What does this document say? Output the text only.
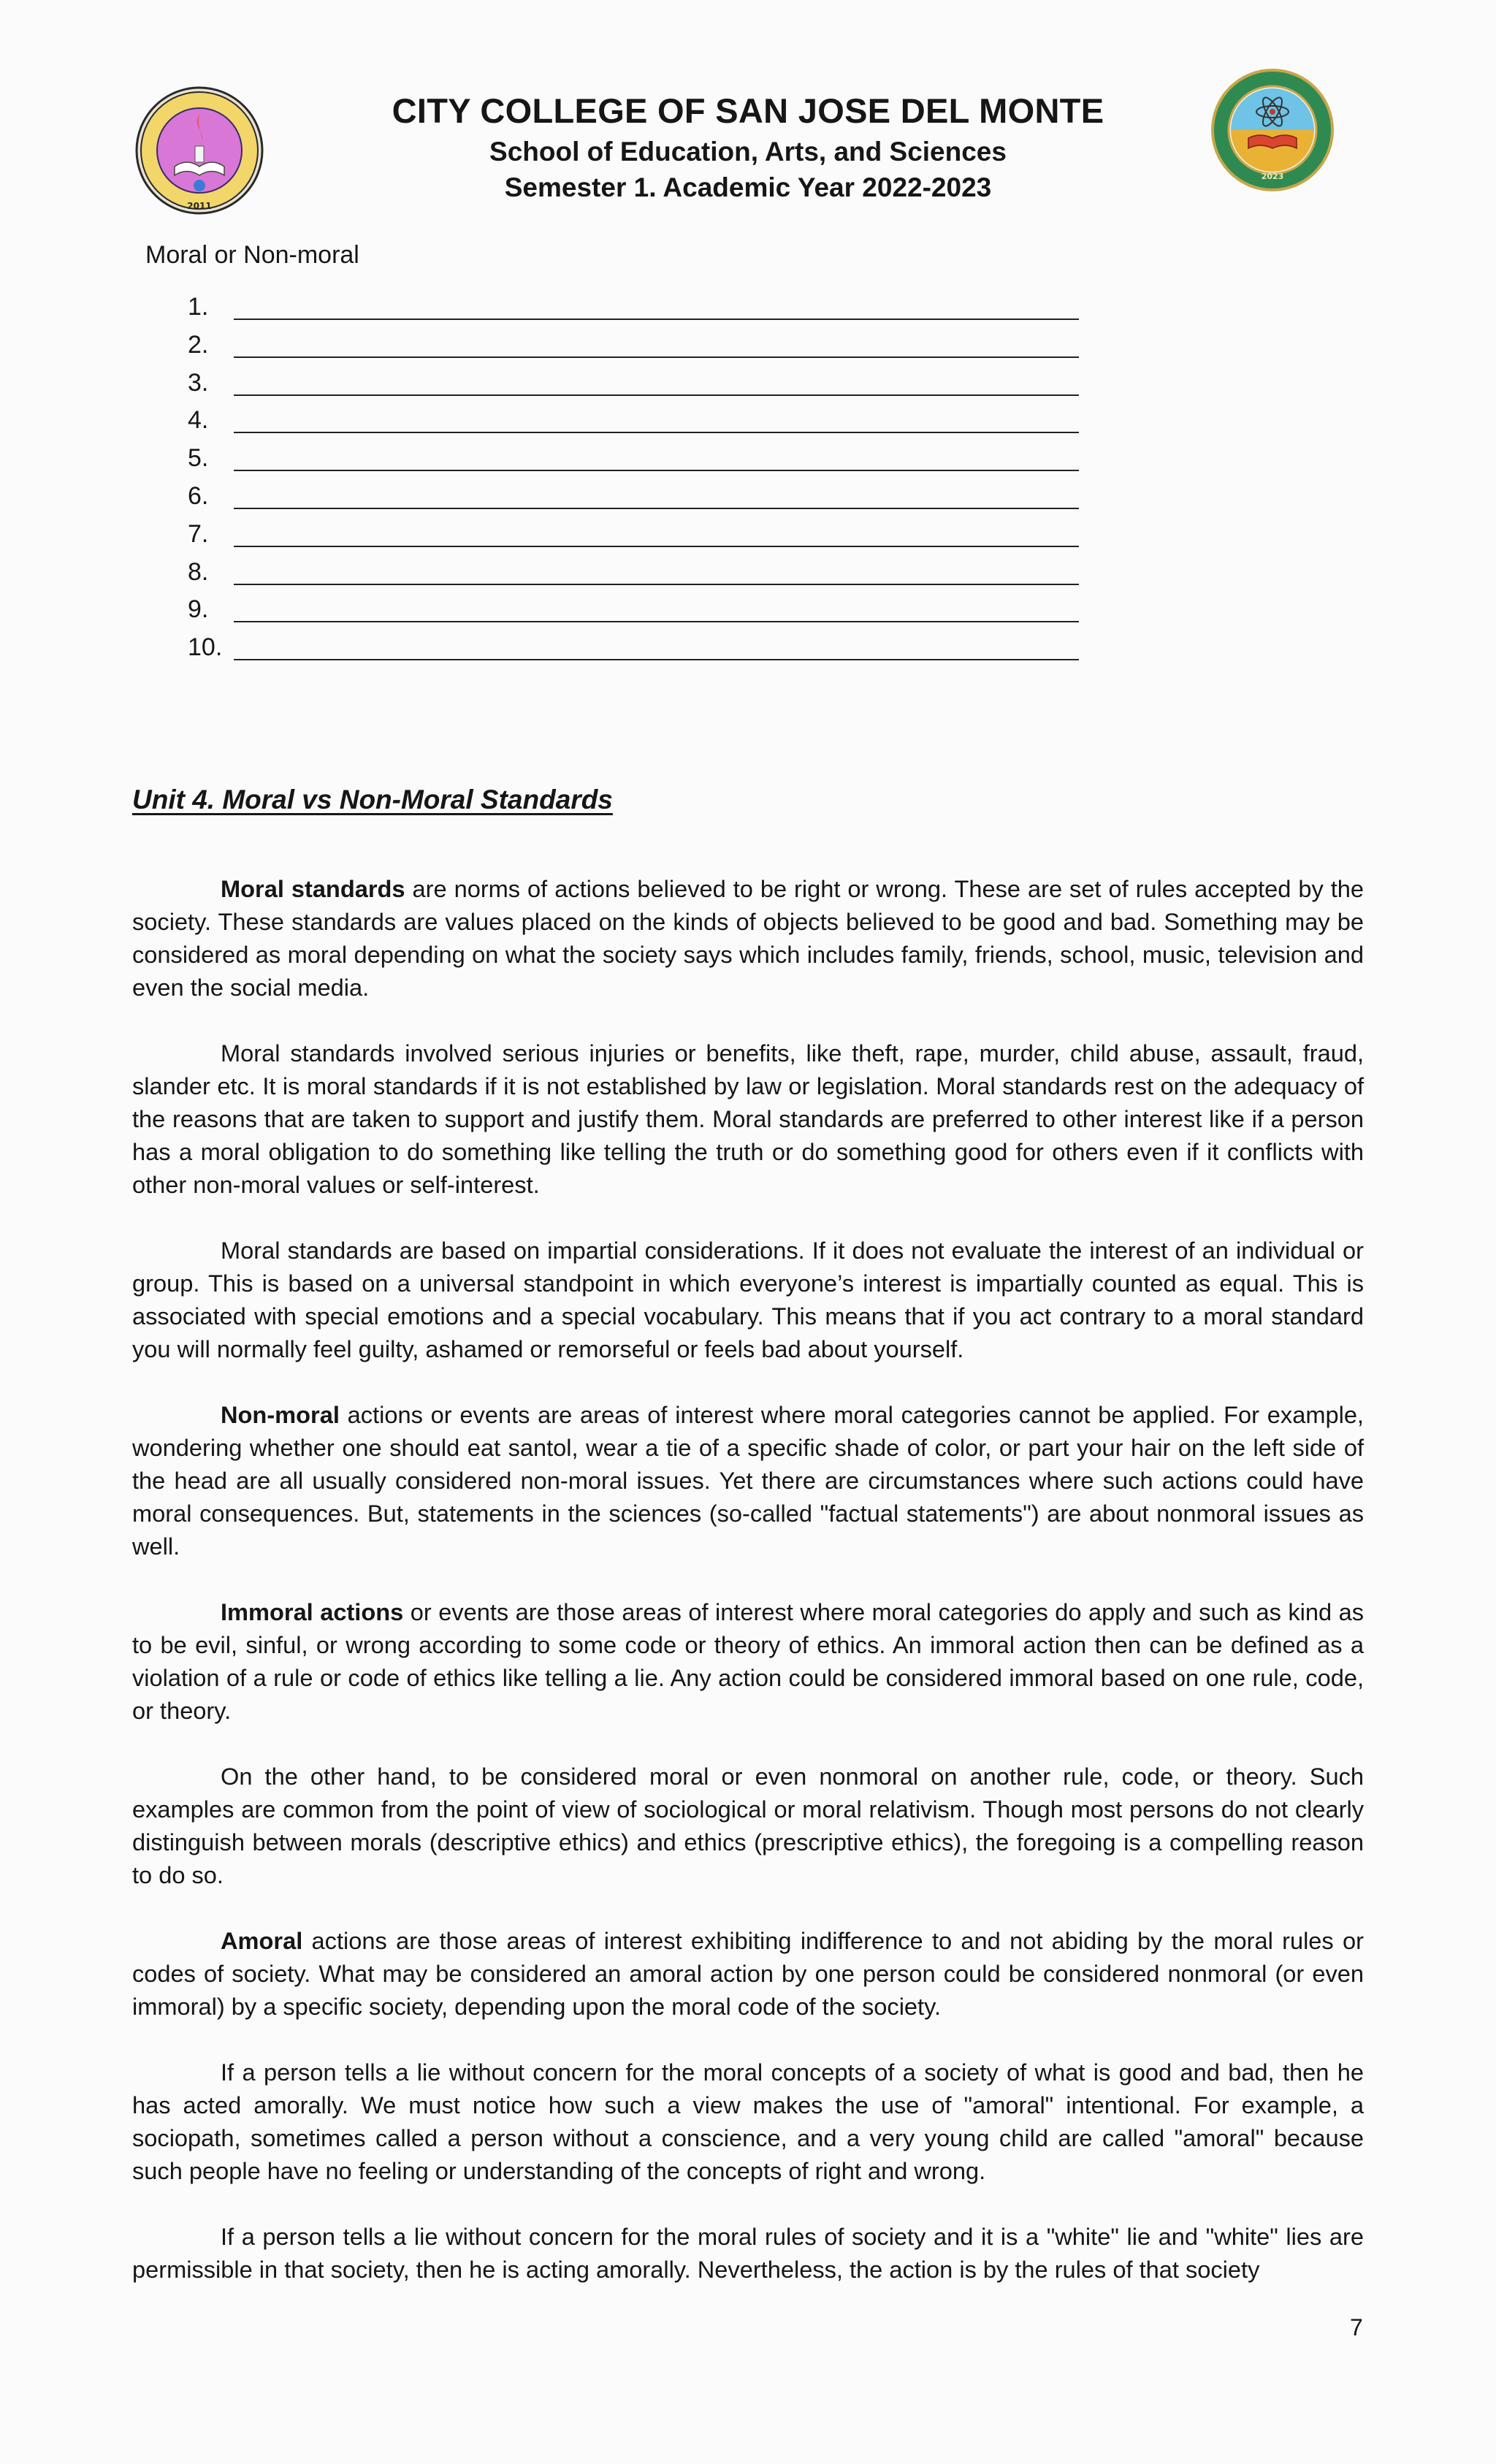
2011
2023
CITY COLLEGE OF SAN JOSE DEL MONTE
School of Education, Arts, and Sciences
Semester 1. Academic Year 2022-2023
Moral or Non-moral
1.
2.
3.
4.
5.
6.
7.
8.
9.
10.
Unit 4. Moral vs Non-Moral Standards

Moral standards are norms of actions believed to be right or wrong. These are set of rules accepted by the society. These standards are values placed on the kinds of objects believed to be good and bad. Something may be considered as moral depending on what the society says which includes family, friends, school, music, television and even the social media.

Moral standards involved serious injuries or benefits, like theft, rape, murder, child abuse, assault, fraud, slander etc. It is moral standards if it is not established by law or legislation. Moral standards rest on the adequacy of the reasons that are taken to support and justify them. Moral standards are preferred to other interest like if a person has a moral obligation to do something like telling the truth or do something good for others even if it conflicts with other non-moral values or self-interest.

Moral standards are based on impartial considerations. If it does not evaluate the interest of an individual or group. This is based on a universal standpoint in which everyone’s interest is impartially counted as equal. This is associated with special emotions and a special vocabulary. This means that if you act contrary to a moral standard you will normally feel guilty, ashamed or remorseful or feels bad about yourself.

Non-moral actions or events are areas of interest where moral categories cannot be applied. For example, wondering whether one should eat santol, wear a tie of a specific shade of color, or part your hair on the left side of the head are all usually considered non-moral issues. Yet there are circumstances where such actions could have moral consequences. But, statements in the sciences (so-called "factual statements") are about nonmoral issues as well.

Immoral actions or events are those areas of interest where moral categories do apply and such as kind as to be evil, sinful, or wrong according to some code or theory of ethics. An immoral action then can be defined as a violation of a rule or code of ethics like telling a lie. Any action could be considered immoral based on one rule, code, or theory.

On the other hand, to be considered moral or even nonmoral on another rule, code, or theory. Such examples are common from the point of view of sociological or moral relativism. Though most persons do not clearly distinguish between morals (descriptive ethics) and ethics (prescriptive ethics), the foregoing is a compelling reason to do so.

Amoral actions are those areas of interest exhibiting indifference to and not abiding by the moral rules or codes of society. What may be considered an amoral action by one person could be considered nonmoral (or even immoral) by a specific society, depending upon the moral code of the society.

If a person tells a lie without concern for the moral concepts of a society of what is good and bad, then he has acted amorally. We must notice how such a view makes the use of "amoral" intentional. For example, a sociopath, sometimes called a person without a conscience, and a very young child are called "amoral" because such people have no feeling or understanding of the concepts of right and wrong.

If a person tells a lie without concern for the moral rules of society and it is a "white" lie and "white" lies are permissible in that society, then he is acting amorally. Nevertheless, the action is by the rules of that society

7
